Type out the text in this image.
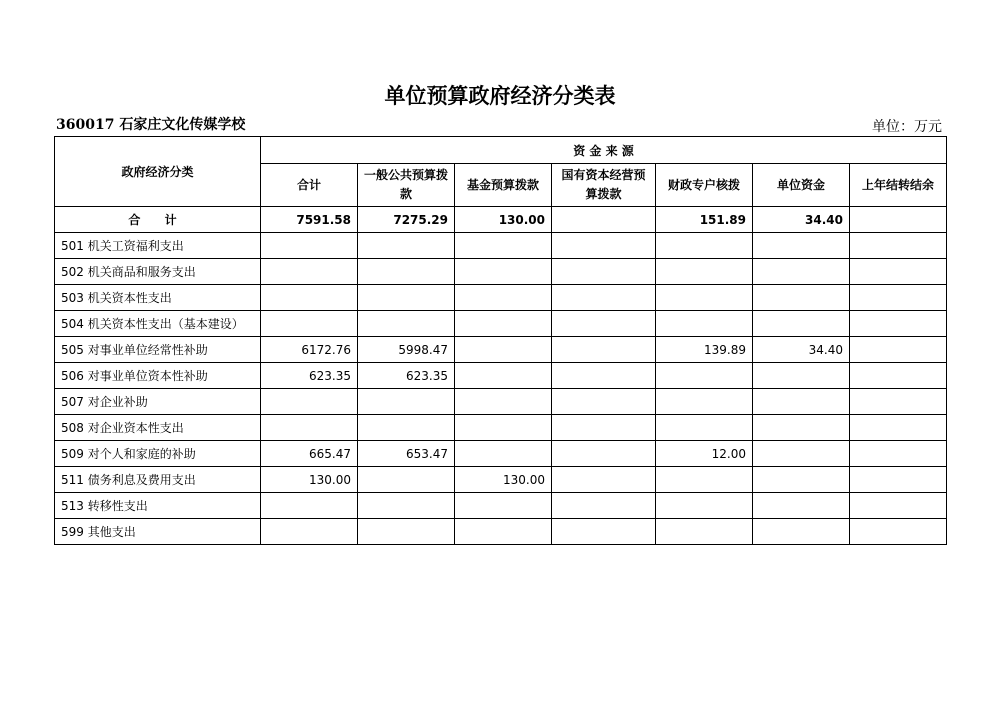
单位预算政府经济分类表
360017 石家庄文化传媒学校	单位：万元
政府经济分类	资 金 来 源						
	合计	一般公共预算拨款	基金预算拨款	国有资本经营预算拨款	财政专户核拨	单位资金	上年结转结余
合 计	7591.58	7275.29	130.00		151.89	34.40	
501 机关工资福利支出							
502 机关商品和服务支出							
503 机关资本性支出							
504 机关资本性支出（基本建设）							
505 对事业单位经常性补助	6172.76	5998.47			139.89	34.40	
506 对事业单位资本性补助	623.35	623.35					
507 对企业补助							
508 对企业资本性支出							
509 对个人和家庭的补助	665.47	653.47			12.00		
511 债务利息及费用支出	130.00		130.00				
513 转移性支出							
599 其他支出							
